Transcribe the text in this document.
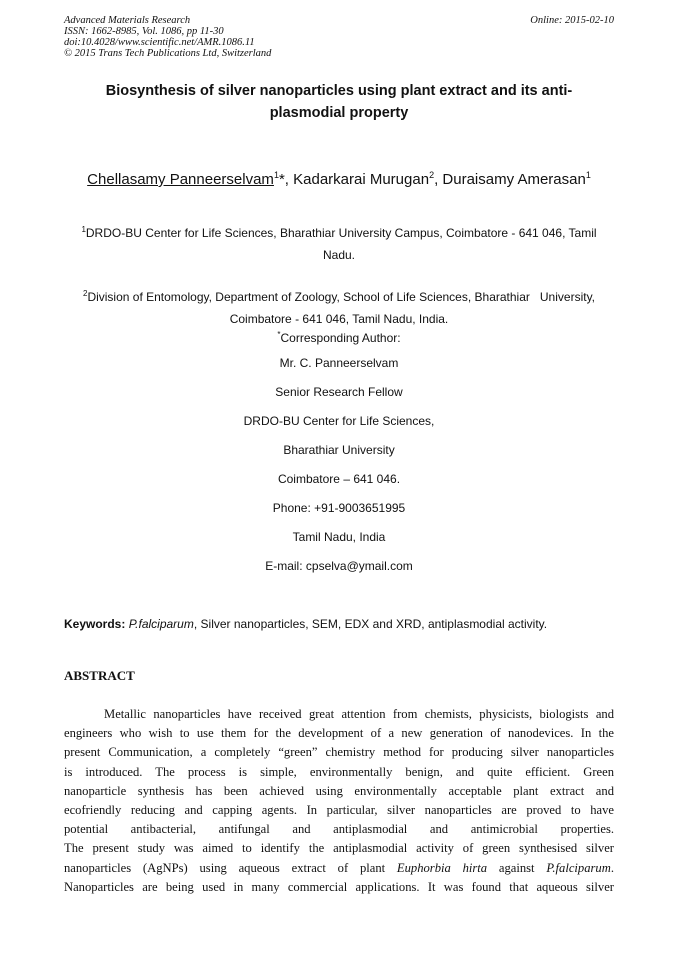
Advanced Materials Research
ISSN: 1662-8985, Vol. 1086, pp 11-30
doi:10.4028/www.scientific.net/AMR.1086.11
© 2015 Trans Tech Publications Ltd, Switzerland
Online: 2015-02-10
Biosynthesis of silver nanoparticles using plant extract and its anti-
plasmodial property
Chellasamy Panneerselvam$^1$*, Kadarkarai Murugan$^2$, Duraisamy Amerasan$^1$
$^1$DRDO-BU Center for Life Sciences, Bharathiar University Campus, Coimbatore - 641 046, Tamil
Nadu.
$^2$Division of Entomology, Department of Zoology, School of Life Sciences, Bharathiar   University,
Coimbatore - 641 046, Tamil Nadu, India.
*Corresponding Author:
Mr. C. Panneerselvam
Senior Research Fellow
DRDO-BU Center for Life Sciences,
Bharathiar University
Coimbatore – 641 046.
Phone: +91-9003651995
Tamil Nadu, India
E-mail: cpselva@ymail.com
Keywords: P.falciparum, Silver nanoparticles, SEM, EDX and XRD, antiplasmodial activity.
ABSTRACT
Metallic nanoparticles have received great attention from chemists, physicists, biologists and
engineers who wish to use them for the development of a new generation of nanodevices. In the
present Communication, a completely “green” chemistry method for producing silver nanoparticles
is introduced. The process is simple, environmentally benign, and quite efficient. Green
nanoparticle synthesis has been achieved using environmentally acceptable plant extract and
ecofriendly reducing and capping agents. In particular, silver nanoparticles are proved to have
potential antibacterial, antifungal and antiplasmodial and antimicrobial properties.
The present study was aimed to identify the antiplasmodial activity of green synthesised silver
nanoparticles (AgNPs) using aqueous extract of plant Euphorbia hirta against P.falciparum.
Nanoparticles are being used in many commercial applications. It was found that aqueous silver
